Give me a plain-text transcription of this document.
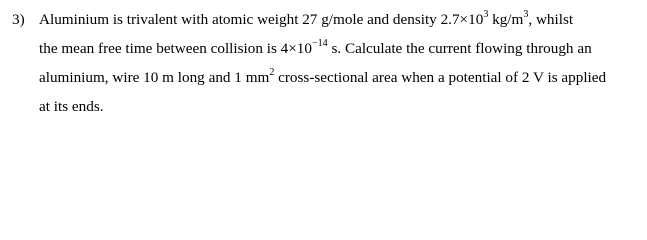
3) Aluminium is trivalent with atomic weight 27 g/mole and density $2.7\times 10^3$ $kg/m^3$, whilst
the mean free time between collision is $4\times 10^{-14}$ s. Calculate the current flowing through an
aluminium, wire 10 m long and 1 $mm^2$ cross-sectional area when a potential of 2 V is applied
at its ends.
